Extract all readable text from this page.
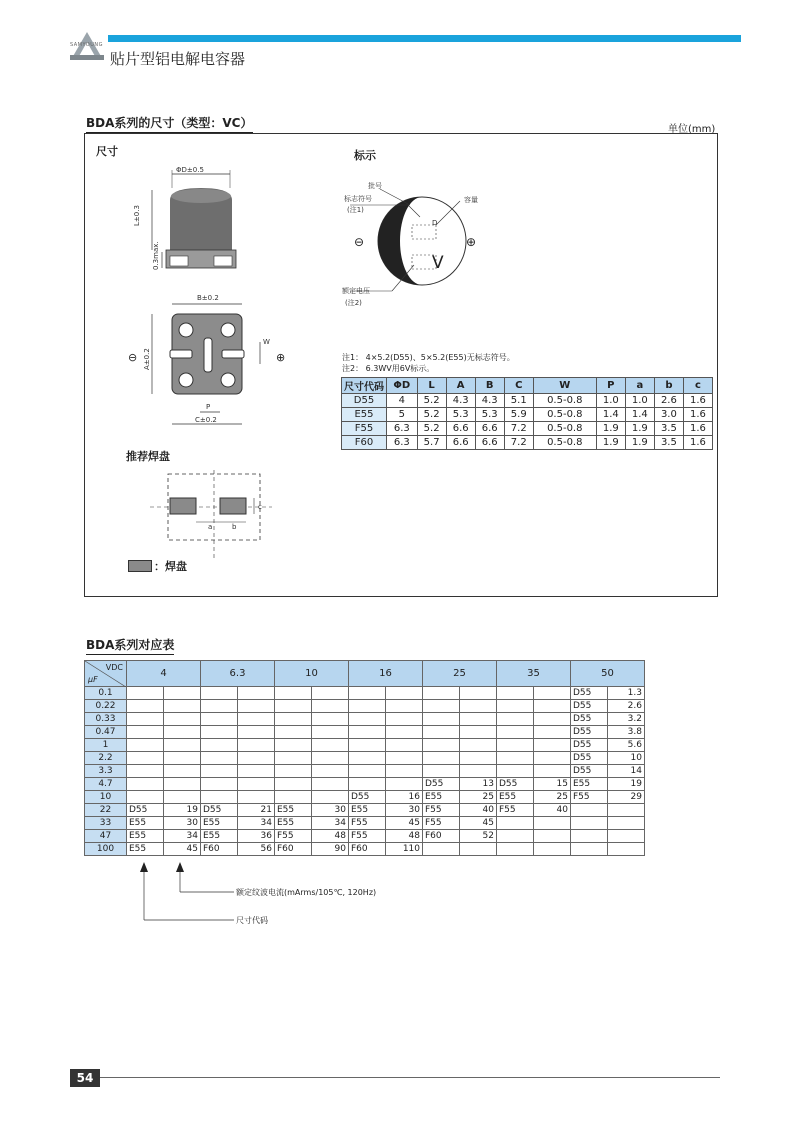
SAMYOUNG
贴片型铝电解电容器
BDA系列的尺寸（类型：VC）	单位(mm)
尺寸	标示
ΦD±0.5
L±0.3
0.3max.
B±0.2
A±0.2
W
P
C±0.2
⊖	⊕
推荐焊盘
a	b
c
：焊盘
批号
标志符号
(注1)
容量
额定电压
(注2)
⊖	⊕
V
D
注1： 4×5.2(D55)、5×5.2(E55)无标志符号。
注2： 6.3WV用6V标示。
尺寸代码	ΦD	L	A	B	C	W	P	a	b	c
D55	4	5.2	4.3	4.3	5.1	0.5-0.8	1.0	1.0	2.6	1.6
E55	5	5.2	5.3	5.3	5.9	0.5-0.8	1.4	1.4	3.0	1.6
F55	6.3	5.2	6.6	6.6	7.2	0.5-0.8	1.9	1.9	3.5	1.6
F60	6.3	5.7	6.6	6.6	7.2	0.5-0.8	1.9	1.9	3.5	1.6
BDA系列对应表
VDC
μF	4		6.3		10		16		25		35		50	
0.1													D55	1.3
0.22													D55	2.6
0.33													D55	3.2
0.47													D55	3.8
1													D55	5.6
2.2													D55	10
3.3													D55	14
4.7									D55	13	D55	15	E55	19
10							D55	16	E55	25	E55	25	F55	29
22	D55	19	D55	21	E55	30	E55	30	F55	40	F55	40		
33	E55	30	E55	34	E55	34	F55	45	F55	45				
47	E55	34	E55	36	F55	48	F55	48	F60	52				
100	E55	45	F60	56	F60	90	F60	110						
额定纹波电流(mArms/105℃, 120Hz)
尺寸代码
54
